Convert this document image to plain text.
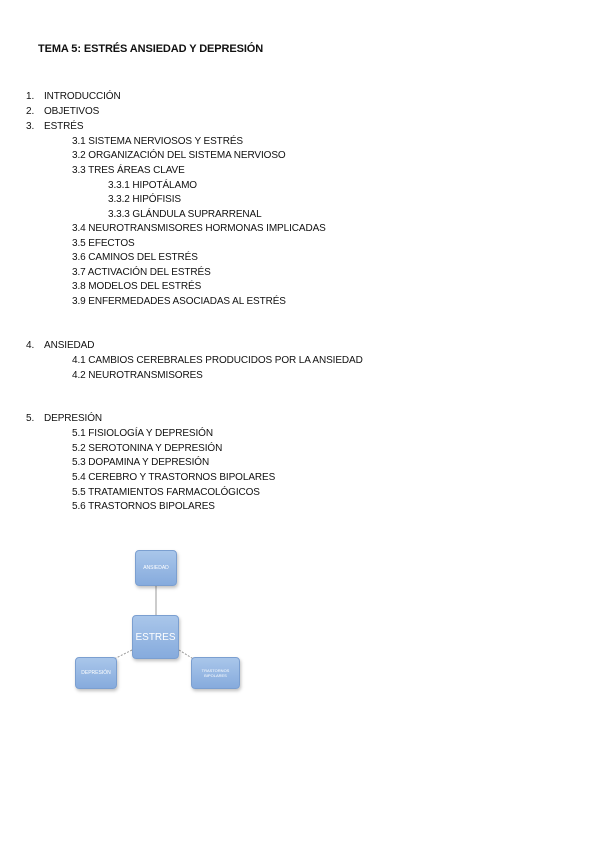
TEMA 5: ESTRÉS ANSIEDAD Y DEPRESIÓN
1. INTRODUCCIÓN
2. OBJETIVOS
3. ESTRÉS
3.1 SISTEMA NERVIOSOS Y ESTRÉS
3.2 ORGANIZACIÓN DEL SISTEMA NERVIOSO
3.3 TRES ÁREAS CLAVE
3.3.1 HIPOTÁLAMO
3.3.2 HIPÓFISIS
3.3.3 GLÁNDULA SUPRARRENAL
3.4 NEUROTRANSMISORES HORMONAS IMPLICADAS
3.5 EFECTOS
3.6 CAMINOS DEL ESTRÉS
3.7 ACTIVACIÓN DEL ESTRÉS
3.8 MODELOS DEL ESTRÉS
3.9 ENFERMEDADES ASOCIADAS AL ESTRÉS
4. ANSIEDAD
4.1 CAMBIOS CEREBRALES PRODUCIDOS POR LA ANSIEDAD
4.2 NEUROTRANSMISORES
5. DEPRESIÓN
5.1 FISIOLOGÍA Y DEPRESIÓN
5.2 SEROTONINA Y DEPRESIÓN
5.3 DOPAMINA Y DEPRESIÓN
5.4 CEREBRO Y TRASTORNOS BIPOLARES
5.5 TRATAMIENTOS FARMACOLÓGICOS
5.6 TRASTORNOS BIPOLARES
ANSIEDAD
ESTRES
DEPRESIÓN	TRASTORNOS BIPOLARES
